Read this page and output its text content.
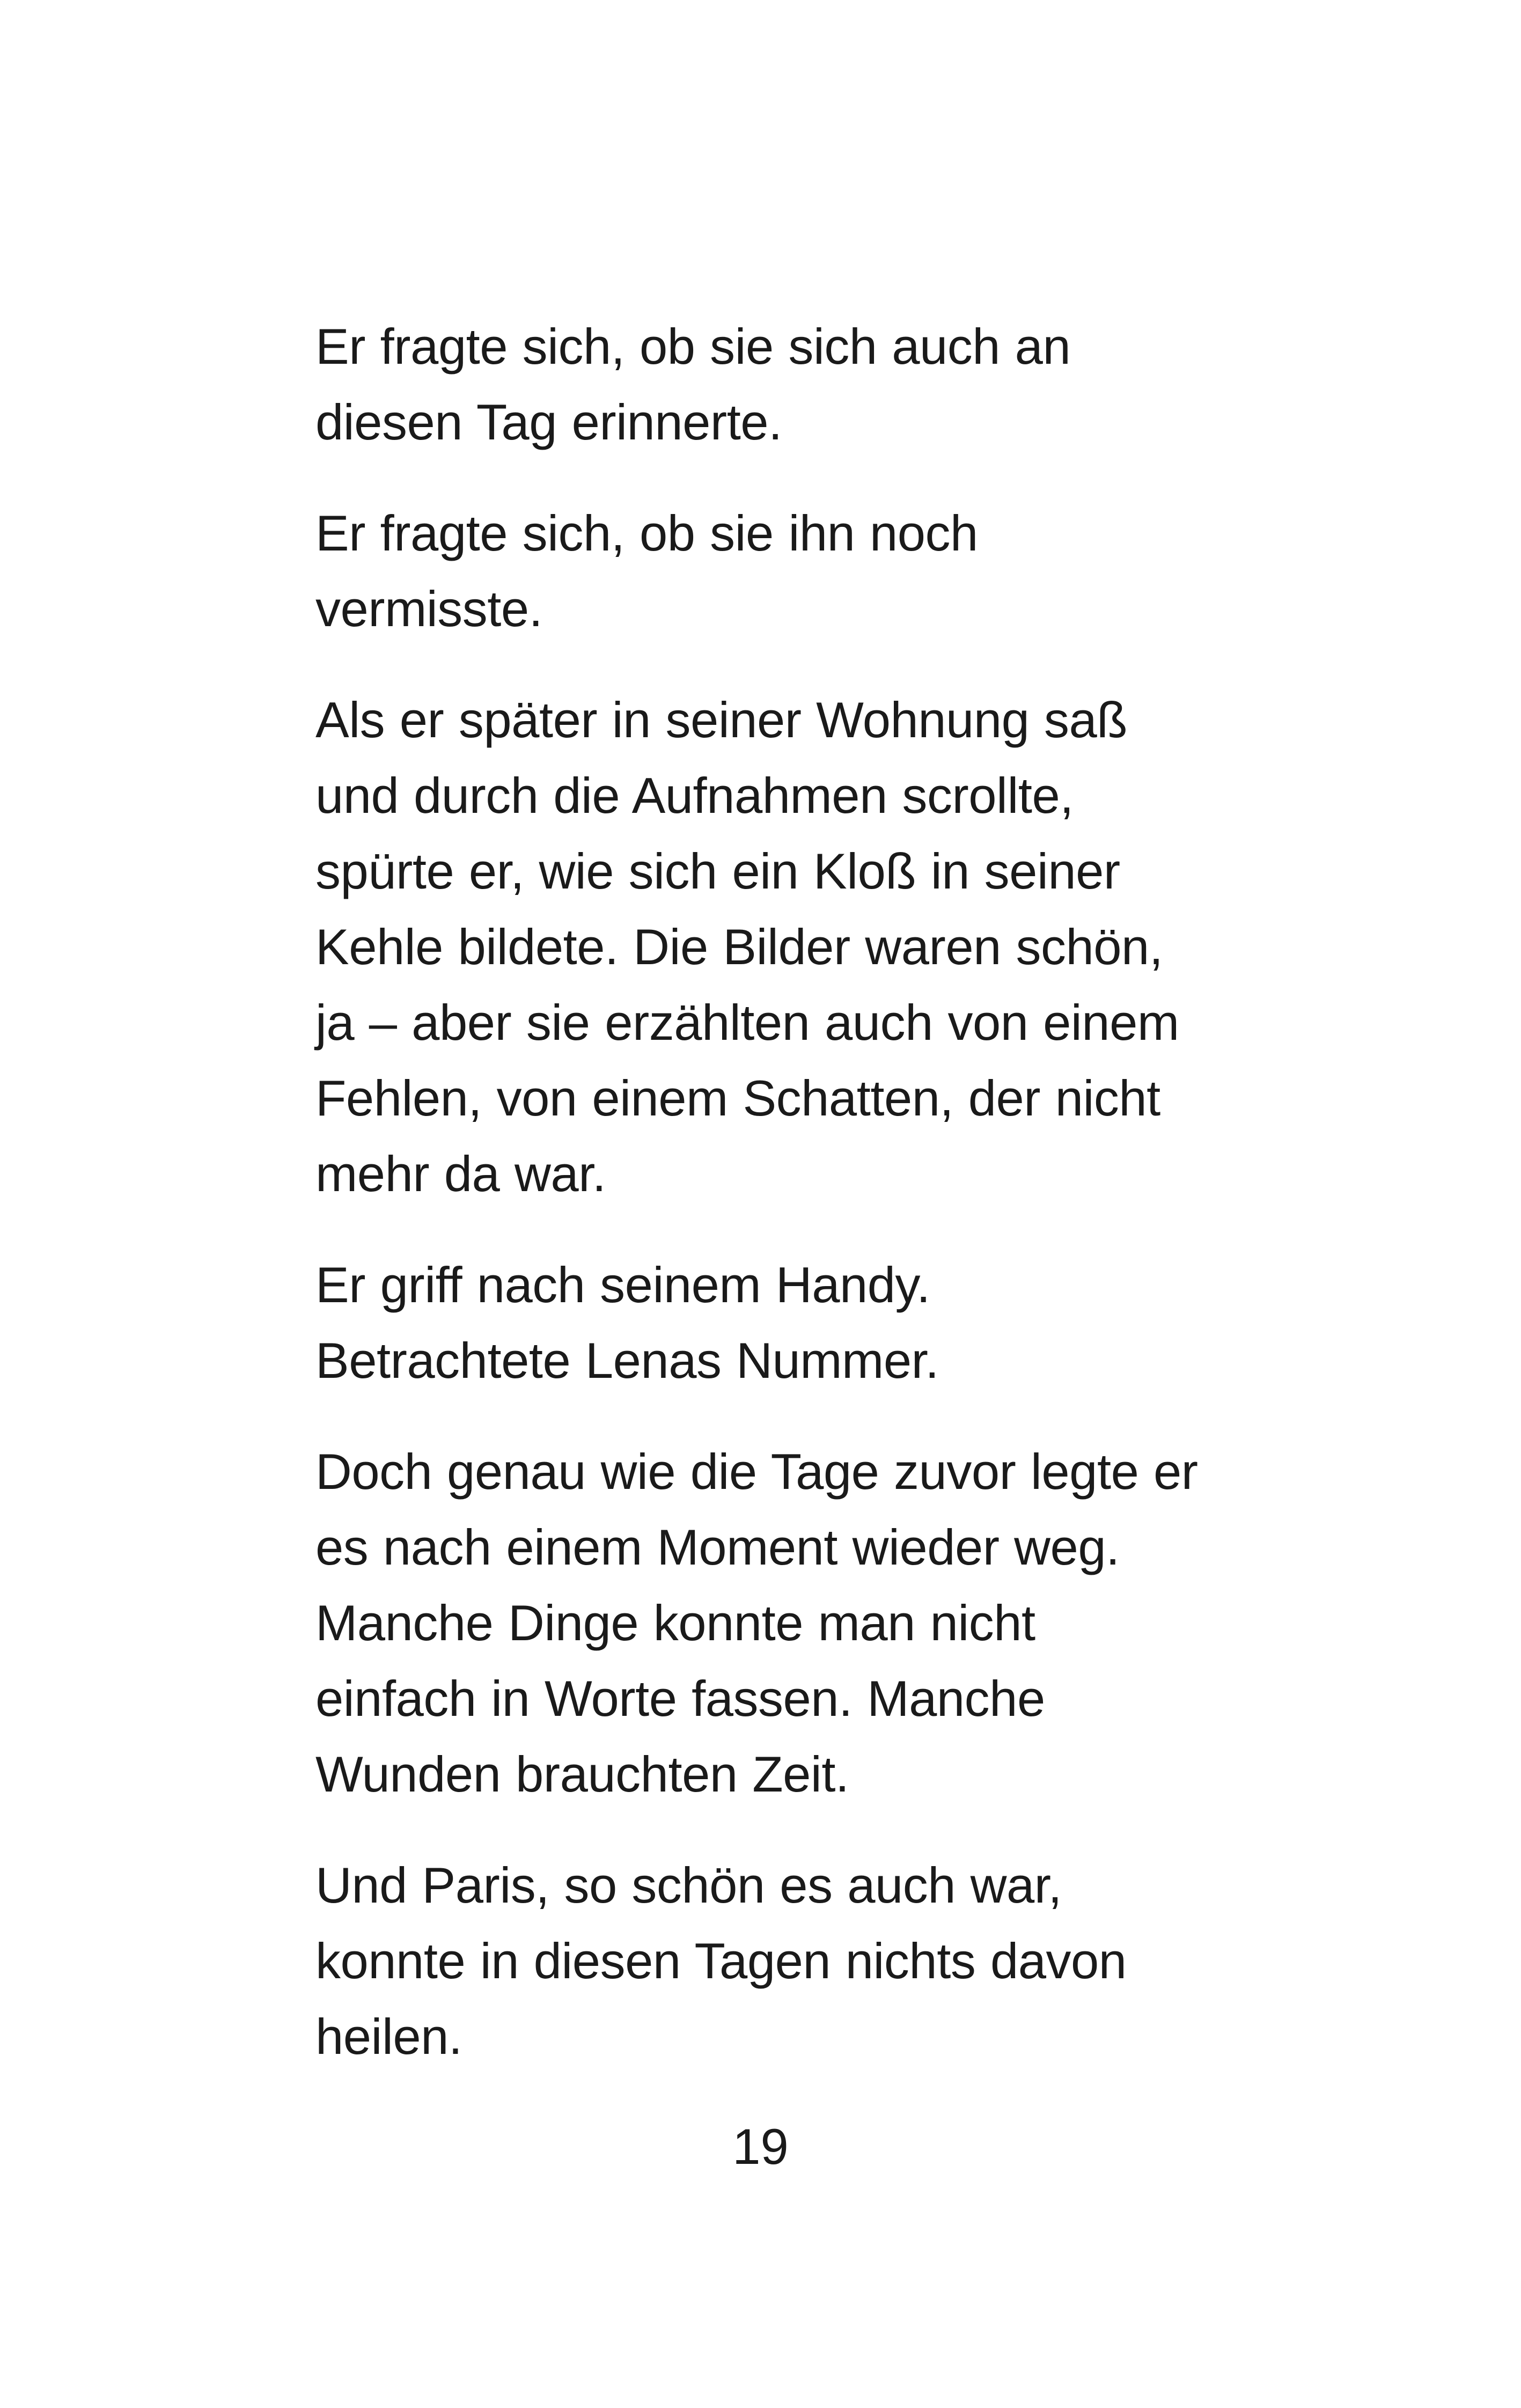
Er fragte sich, ob sie sich auch an
diesen Tag erinnerte.

Er fragte sich, ob sie ihn noch
vermisste.

Als er später in seiner Wohnung saß
und durch die Aufnahmen scrollte,
spürte er, wie sich ein Kloß in seiner
Kehle bildete. Die Bilder waren schön,
ja – aber sie erzählten auch von einem
Fehlen, von einem Schatten, der nicht
mehr da war.

Er griff nach seinem Handy.
Betrachtete Lenas Nummer.

Doch genau wie die Tage zuvor legte er
es nach einem Moment wieder weg.
Manche Dinge konnte man nicht
einfach in Worte fassen. Manche
Wunden brauchten Zeit.

Und Paris, so schön es auch war,
konnte in diesen Tagen nichts davon
heilen.

19
